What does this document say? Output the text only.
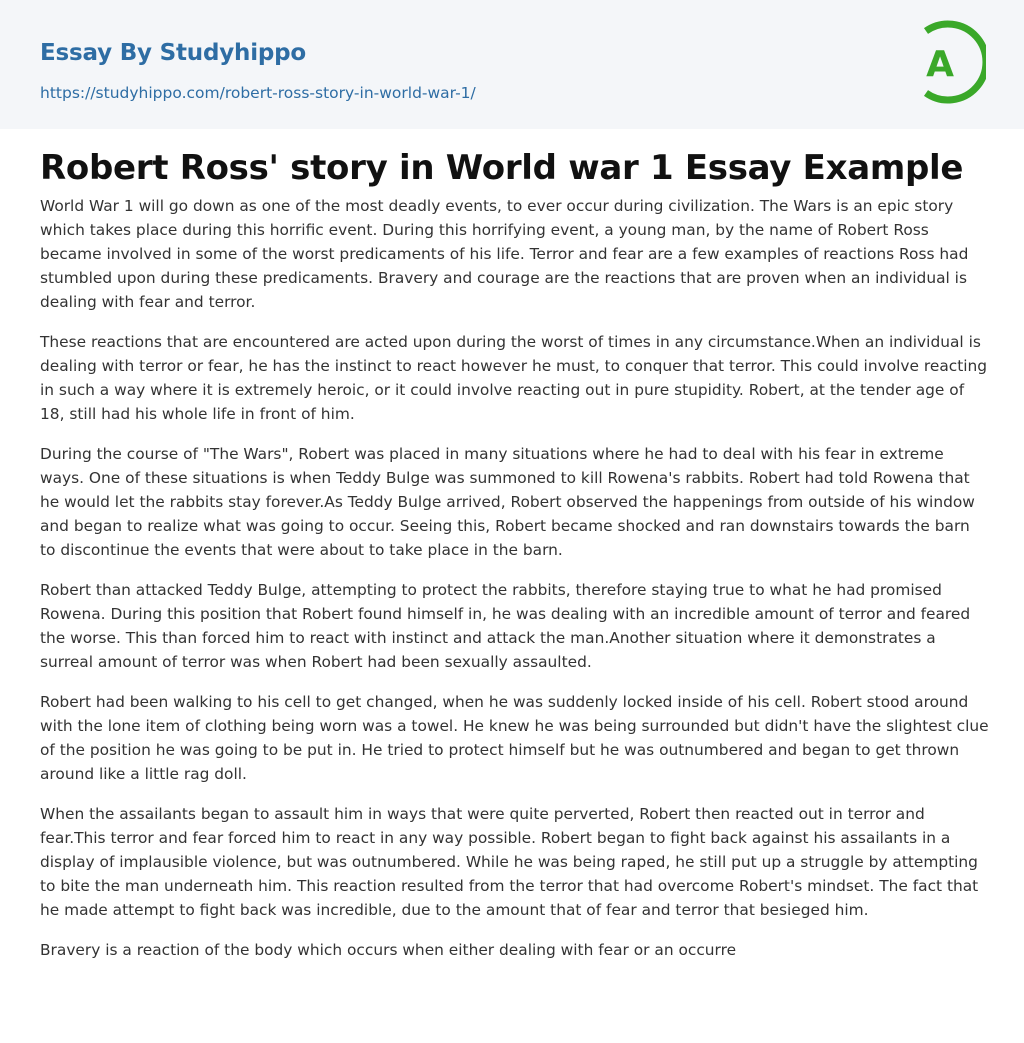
Essay By Studyhippo
https://studyhippo.com/robert-ross-story-in-world-war-1/
A
Robert Ross' story in World war 1 Essay Example

World War 1 will go down as one of the most deadly events, to ever occur during civilization. The Wars is an epic story which takes place during this horrific event. During this horrifying event, a young man, by the name of Robert Ross became involved in some of the worst predicaments of his life. Terror and fear are a few examples of reactions Ross had stumbled upon during these predicaments. Bravery and courage are the reactions that are proven when an individual is dealing with fear and terror.

These reactions that are encountered are acted upon during the worst of times in any circumstance.When an individual is dealing with terror or fear, he has the instinct to react however he must, to conquer that terror. This could involve reacting in such a way where it is extremely heroic, or it could involve reacting out in pure stupidity. Robert, at the tender age of 18, still had his whole life in front of him.

During the course of "The Wars", Robert was placed in many situations where he had to deal with his fear in extreme ways. One of these situations is when Teddy Bulge was summoned to kill Rowena's rabbits. Robert had told Rowena that he would let the rabbits stay forever.As Teddy Bulge arrived, Robert observed the happenings from outside of his window and began to realize what was going to occur. Seeing this, Robert became shocked and ran downstairs towards the barn to discontinue the events that were about to take place in the barn.

Robert than attacked Teddy Bulge, attempting to protect the rabbits, therefore staying true to what he had promised Rowena. During this position that Robert found himself in, he was dealing with an incredible amount of terror and feared the worse. This than forced him to react with instinct and attack the man.Another situation where it demonstrates a surreal amount of terror was when Robert had been sexually assaulted.

Robert had been walking to his cell to get changed, when he was suddenly locked inside of his cell. Robert stood around with the lone item of clothing being worn was a towel. He knew he was being surrounded but didn't have the slightest clue of the position he was going to be put in. He tried to protect himself but he was outnumbered and began to get thrown around like a little rag doll.

When the assailants began to assault him in ways that were quite perverted, Robert then reacted out in terror and fear.This terror and fear forced him to react in any way possible. Robert began to fight back against his assailants in a display of implausible violence, but was outnumbered. While he was being raped, he still put up a struggle by attempting to bite the man underneath him. This reaction resulted from the terror that had overcome Robert's mindset. The fact that he made attempt to fight back was incredible, due to the amount that of fear and terror that besieged him.

Bravery is a reaction of the body which occurs when either dealing with fear or an occurre
